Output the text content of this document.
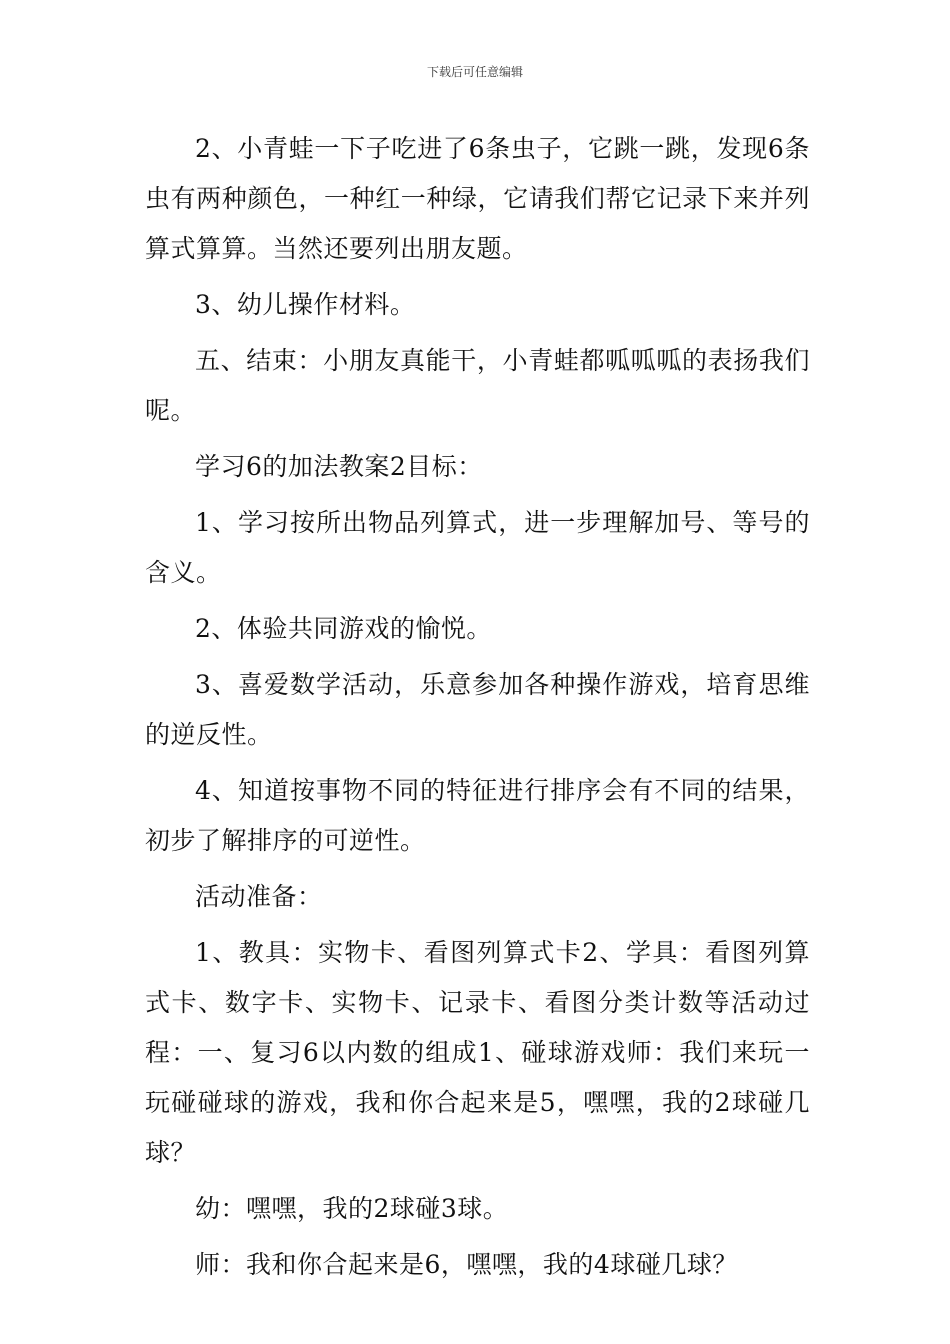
下载后可任意编辑

2、小青蛙一下子吃进了6条虫子，它跳一跳，发现6条虫有两种颜色，一种红一种绿，它请我们帮它记录下来并列算式算算。当然还要列出朋友题。

3、幼儿操作材料。

五、结束：小朋友真能干，小青蛙都呱呱呱的表扬我们呢。

学习6的加法教案2目标：

1、学习按所出物品列算式，进一步理解加号、等号的含义。

2、体验共同游戏的愉悦。

3、喜爱数学活动，乐意参加各种操作游戏，培育思维的逆反性。

4、知道按事物不同的特征进行排序会有不同的结果，初步了解排序的可逆性。

活动准备：

1、教具：实物卡、看图列算式卡2、学具：看图列算式卡、数字卡、实物卡、记录卡、看图分类计数等活动过程：一、复习6以内数的组成1、碰球游戏师：我们来玩一玩碰碰球的游戏，我和你合起来是5，嘿嘿，我的2球碰几球？

幼：嘿嘿，我的2球碰3球。

师：我和你合起来是6，嘿嘿，我的4球碰几球？
